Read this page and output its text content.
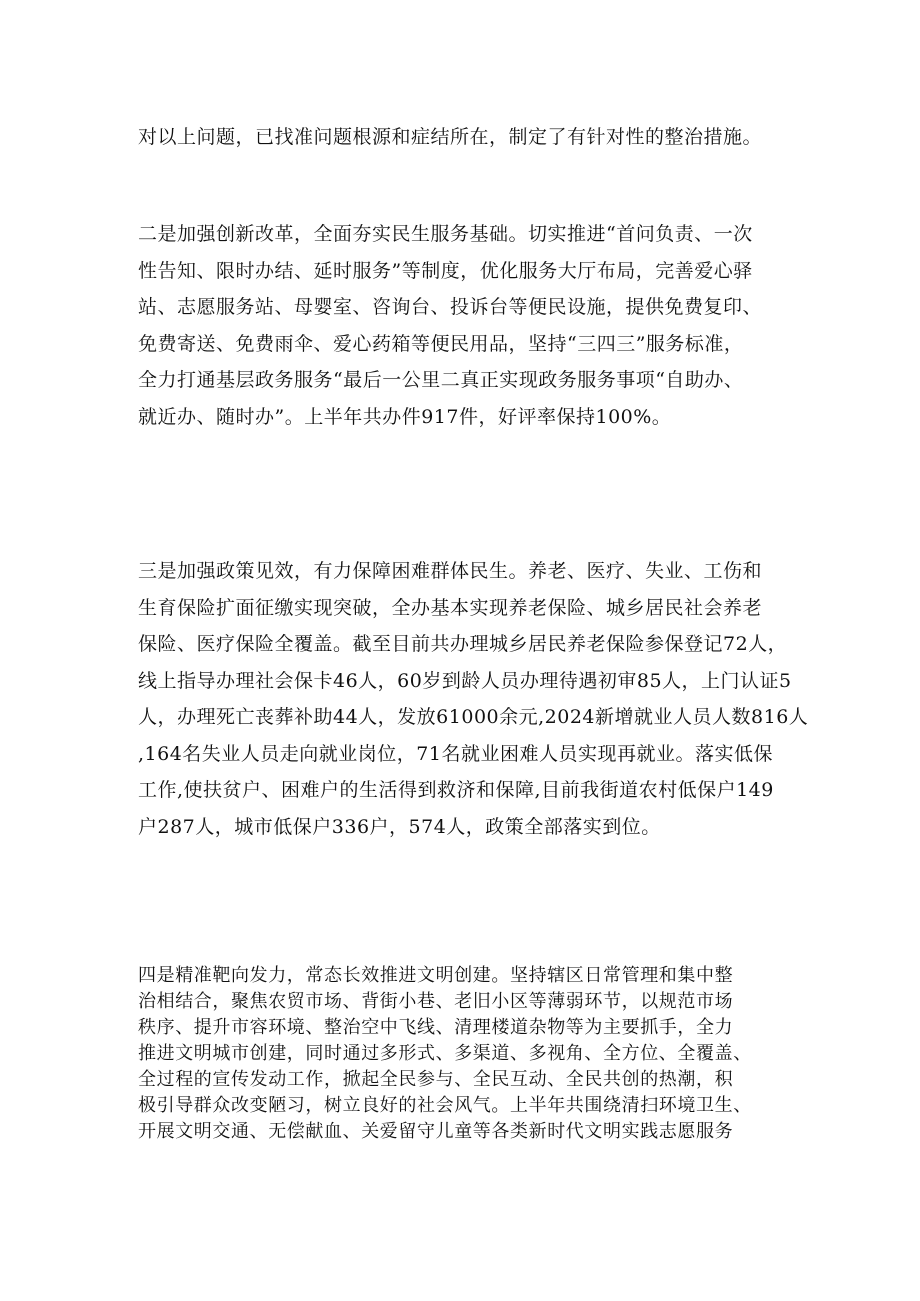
对以上问题，已找准问题根源和症结所在，制定了有针对性的整治措施。
二是加强创新改革，全面夯实民生服务基础。切实推进“首问负责、一次
性告知、限时办结、延时服务”等制度，优化服务大厅布局，完善爱心驿
站、志愿服务站、母婴室、咨询台、投诉台等便民设施，提供免费复印、
免费寄送、免费雨伞、爱心药箱等便民用品，坚持“三四三”服务标准，
全力打通基层政务服务“最后一公里二真正实现政务服务事项“自助办、
就近办、随时办”。上半年共办件917件，好评率保持100%。
三是加强政策见效，有力保障困难群体民生。养老、医疗、失业、工伤和
生育保险扩面征缴实现突破，全办基本实现养老保险、城乡居民社会养老
保险、医疗保险全覆盖。截至目前共办理城乡居民养老保险参保登记72人，
线上指导办理社会保卡46人，60岁到龄人员办理待遇初审85人，上门认证5
人，办理死亡丧葬补助44人，发放61000余元,2024新增就业人员人数816人
,164名失业人员走向就业岗位，71名就业困难人员实现再就业。落实低保
工作,使扶贫户、困难户的生活得到救济和保障,目前我街道农村低保户149
户287人，城市低保户336户，574人，政策全部落实到位。
四是精准靶向发力，常态长效推进文明创建。坚持辖区日常管理和集中整
治相结合，聚焦农贸市场、背街小巷、老旧小区等薄弱环节，以规范市场
秩序、提升市容环境、整治空中飞线、清理楼道杂物等为主要抓手，全力
推进文明城市创建，同时通过多形式、多渠道、多视角、全方位、全覆盖、
全过程的宣传发动工作，掀起全民参与、全民互动、全民共创的热潮，积
极引导群众改变陋习，树立良好的社会风气。上半年共围绕清扫环境卫生、
开展文明交通、无偿献血、关爱留守儿童等各类新时代文明实践志愿服务
